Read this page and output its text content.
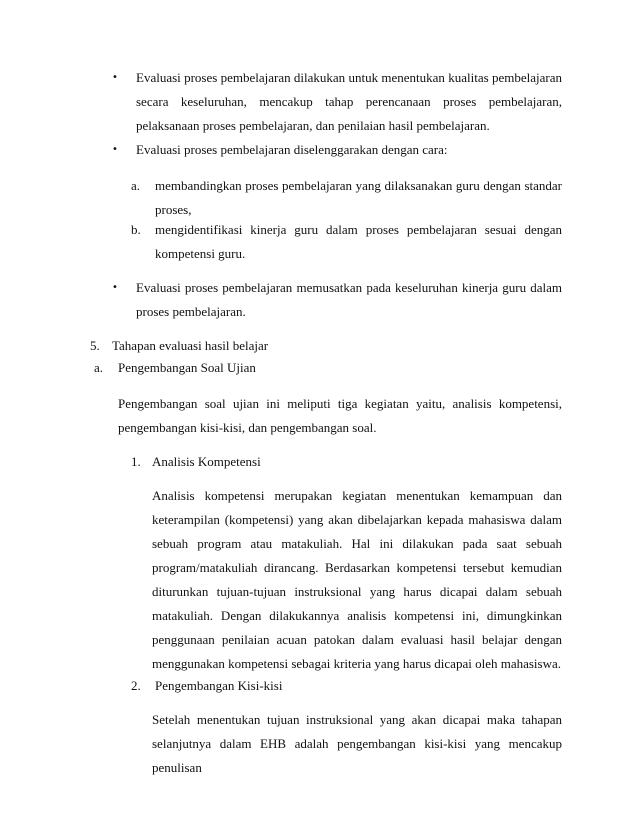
• Evaluasi proses pembelajaran dilakukan untuk menentukan kualitas pembelajaran secara keseluruhan, mencakup tahap perencanaan proses pembelajaran, pelaksanaan proses pembelajaran, dan penilaian hasil pembelajaran.

• Evaluasi proses pembelajaran diselenggarakan dengan cara:

a. membandingkan proses pembelajaran yang dilaksanakan guru dengan standar proses,

b. mengidentifikasi kinerja guru dalam proses pembelajaran sesuai dengan kompetensi guru.

• Evaluasi proses pembelajaran memusatkan pada keseluruhan kinerja guru dalam proses pembelajaran.

5. Tahapan evaluasi hasil belajar

a. Pengembangan Soal Ujian

Pengembangan soal ujian ini meliputi tiga kegiatan yaitu, analisis kompetensi, pengembangan kisi-kisi, dan pengembangan soal.

1. Analisis Kompetensi

Analisis kompetensi merupakan kegiatan menentukan kemampuan dan keterampilan (kompetensi) yang akan dibelajarkan kepada mahasiswa dalam sebuah program atau matakuliah. Hal ini dilakukan pada saat sebuah program/matakuliah dirancang. Berdasarkan kompetensi tersebut kemudian diturunkan tujuan-tujuan instruksional yang harus dicapai dalam sebuah matakuliah. Dengan dilakukannya analisis kompetensi ini, dimungkinkan penggunaan penilaian acuan patokan dalam evaluasi hasil belajar dengan menggunakan kompetensi sebagai kriteria yang harus dicapai oleh mahasiswa.

2. Pengembangan Kisi-kisi

Setelah menentukan tujuan instruksional yang akan dicapai maka tahapan selanjutnya dalam EHB adalah pengembangan kisi-kisi yang mencakup penulisan
